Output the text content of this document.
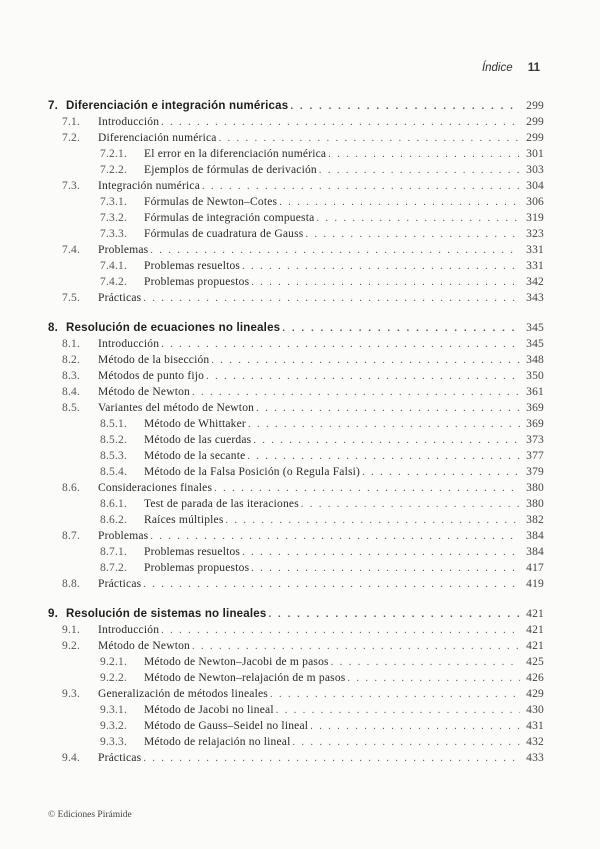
Índice 11
7. Diferenciación e integración numéricas . . .	299
7.1.	Introducción . . .	299
7.2.	Diferenciación numérica . . .	299
7.2.1.	El error en la diferenciación numérica . . .	301
7.2.2.	Ejemplos de fórmulas de derivación . . .	303
7.3.	Integración numérica . . .	304
7.3.1.	Fórmulas de Newton–Cotes . . .	306
7.3.2.	Fórmulas de integración compuesta . . .	319
7.3.3.	Fórmulas de cuadratura de Gauss . . .	323
7.4.	Problemas . . .	331
7.4.1.	Problemas resueltos . . .	331
7.4.2.	Problemas propuestos . . .	342
7.5.	Prácticas . . .	343
8. Resolución de ecuaciones no lineales . . .	345
8.1.	Introducción . . .	345
8.2.	Método de la bisección . . .	348
8.3.	Métodos de punto fijo . . .	350
8.4.	Método de Newton . . .	361
8.5.	Variantes del método de Newton . . .	369
8.5.1.	Método de Whittaker . . .	369
8.5.2.	Método de las cuerdas . . .	373
8.5.3.	Método de la secante . . .	377
8.5.4.	Método de la Falsa Posición (o Regula Falsi) . . .	379
8.6.	Consideraciones finales . . .	380
8.6.1.	Test de parada de las iteraciones . . .	380
8.6.2.	Raíces múltiples . . .	382
8.7.	Problemas . . .	384
8.7.1.	Problemas resueltos . . .	384
8.7.2.	Problemas propuestos . . .	417
8.8.	Prácticas . . .	419
9. Resolución de sistemas no lineales . . .	421
9.1.	Introducción . . .	421
9.2.	Método de Newton . . .	421
9.2.1.	Método de Newton–Jacobi de m pasos . . .	425
9.2.2.	Método de Newton–relajación de m pasos . . .	426
9.3.	Generalización de métodos lineales . . .	429
9.3.1.	Método de Jacobi no lineal . . .	430
9.3.2.	Método de Gauss–Seidel no lineal . . .	431
9.3.3.	Método de relajación no lineal . . .	432
9.4.	Prácticas . . .	433
© Ediciones Pirámide
